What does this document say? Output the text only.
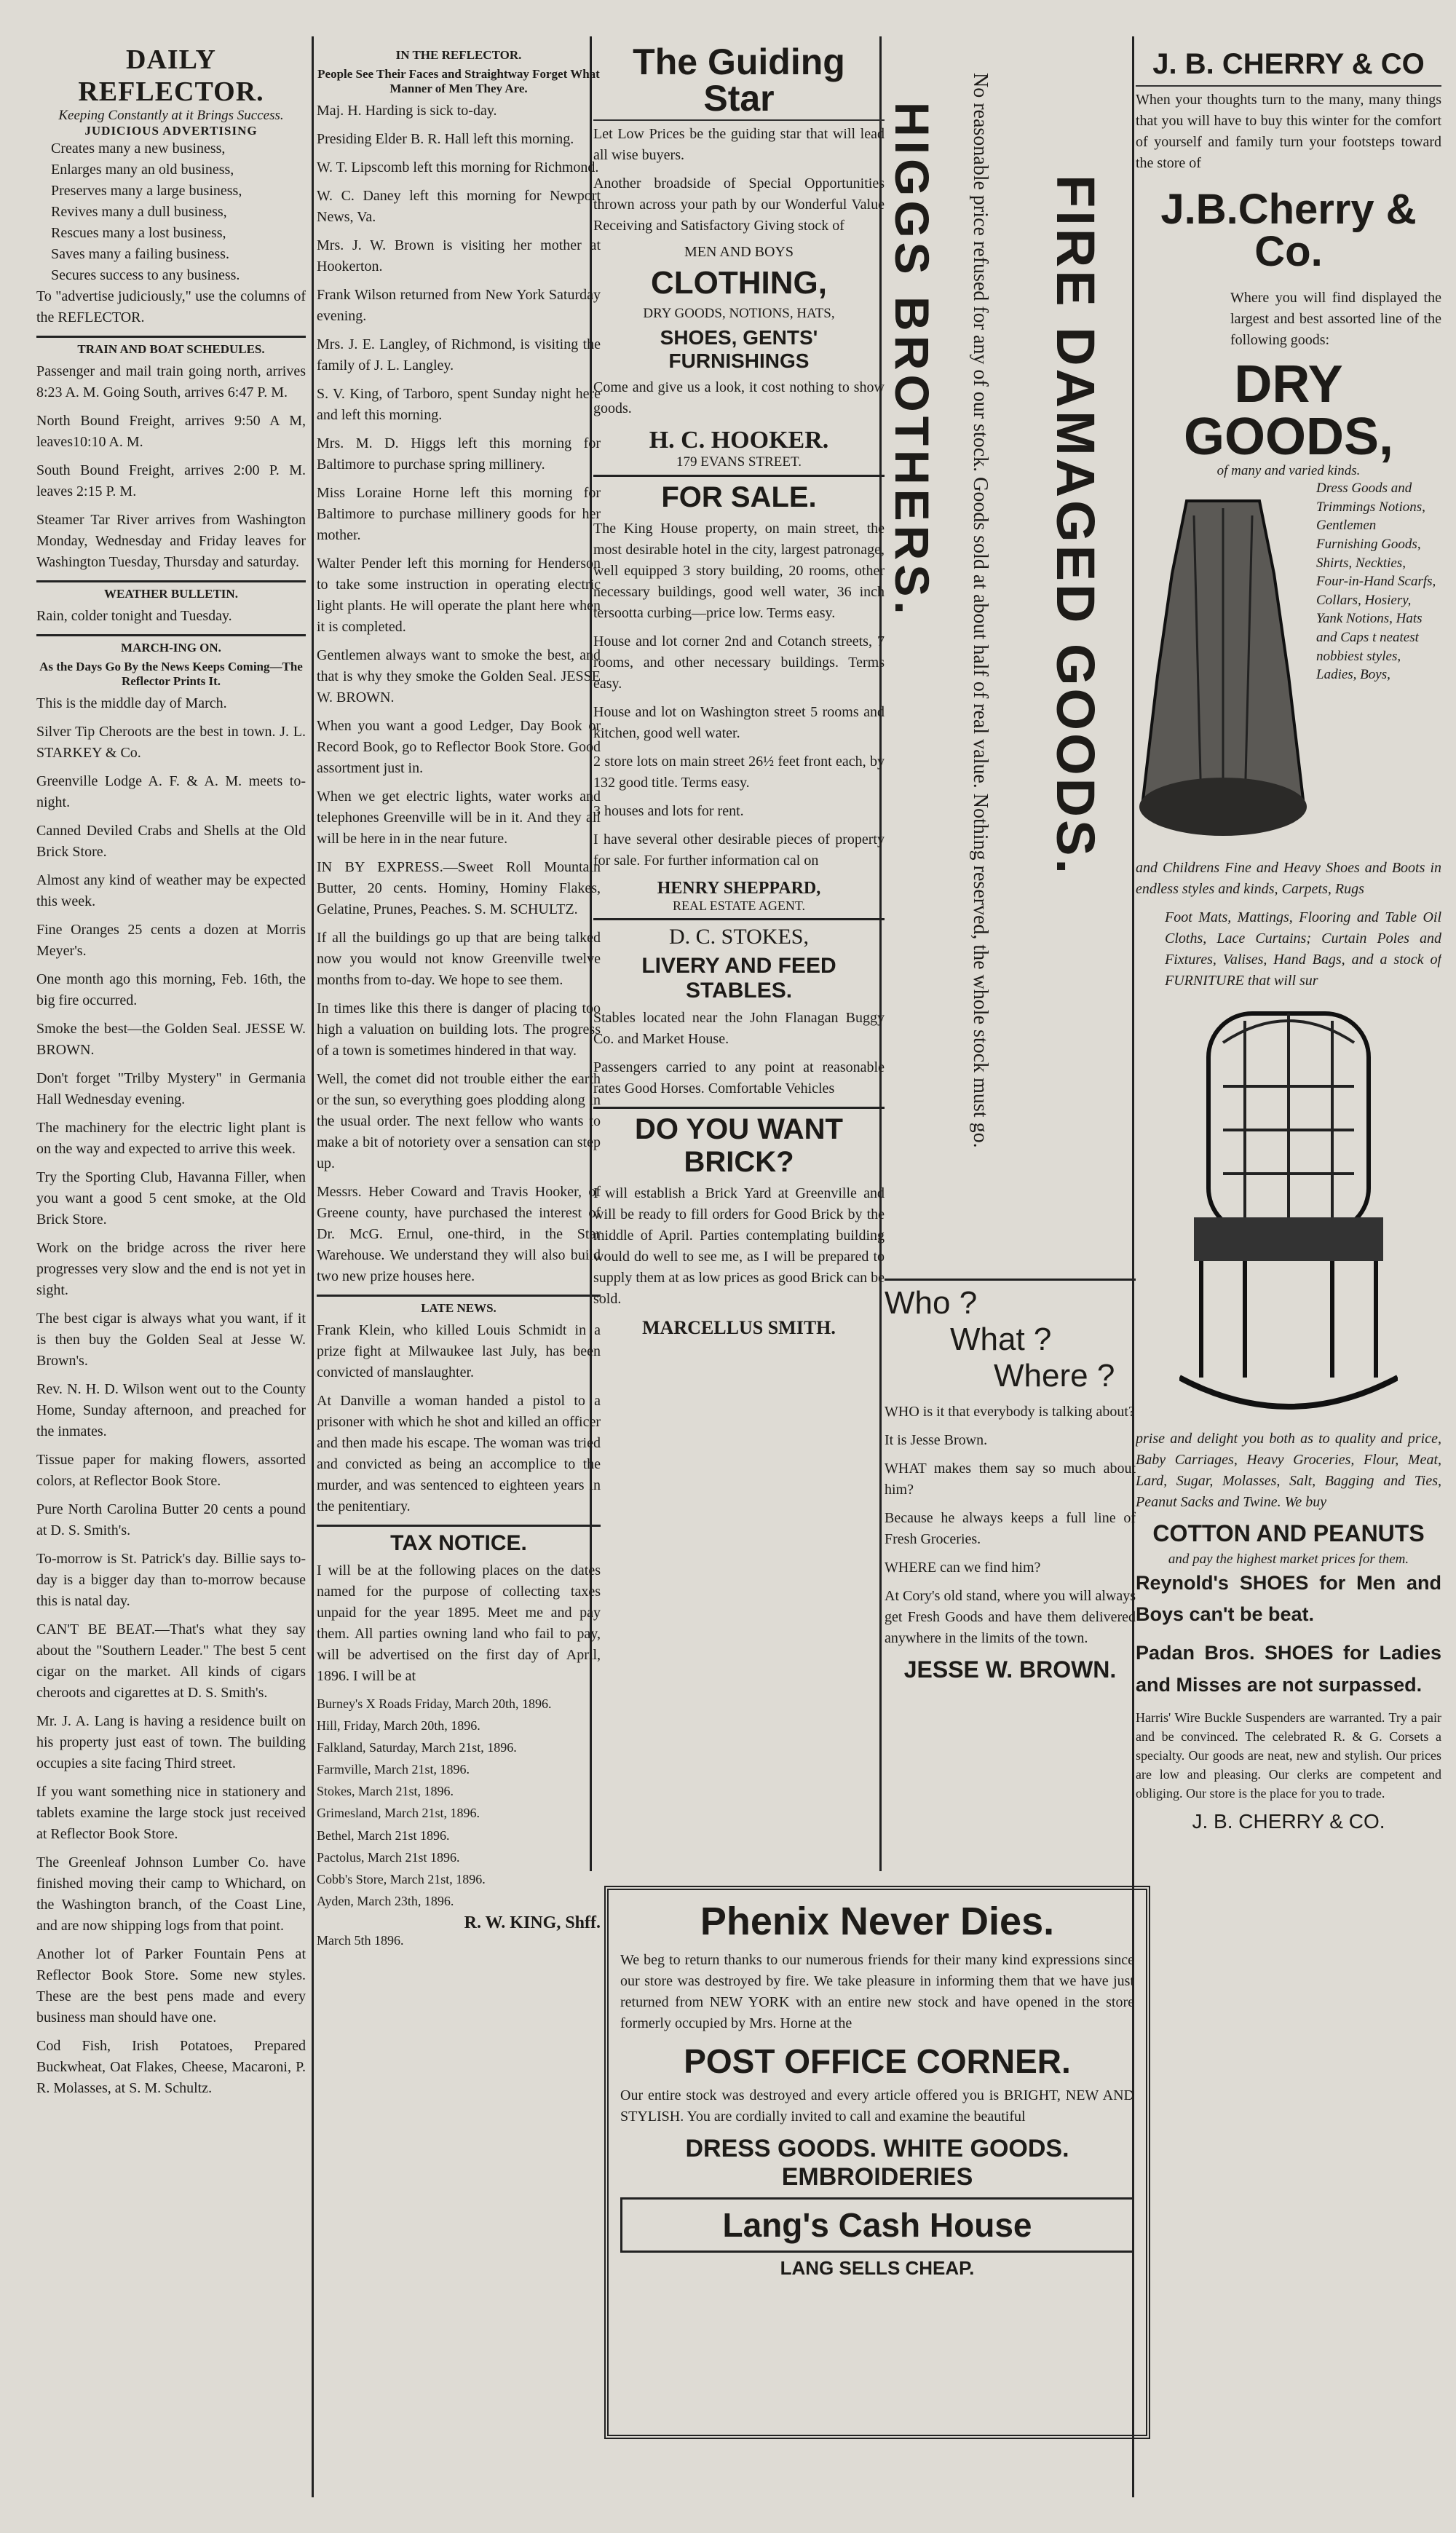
DAILY REFLECTOR.
Keeping Constantly at it Brings Success.
JUDICIOUS ADVERTISING

Creates many a new business,

Enlarges many an old business,

Preserves many a large business,

Revives many a dull business,

Rescues many a lost business,

Saves many a failing business.

Secures success to any business.

To "advertise judiciously," use the columns of the REFLECTOR.

TRAIN AND BOAT SCHEDULES.

Passenger and mail train going north, arrives 8:23 A. M. Going South, arrives 6:47 P. M.

North Bound Freight, arrives 9:50 A M, leaves10:10 A. M.

South Bound Freight, arrives 2:00 P. M. leaves 2:15 P. M.

Steamer Tar River arrives from Washington Monday, Wednesday and Friday leaves for Washington Tuesday, Thursday and saturday.

WEATHER BULLETIN.

Rain, colder tonight and Tuesday.

MARCH-ING ON.
As the Days Go By the News Keeps Coming—The Reflector Prints It.

This is the middle day of March.

Silver Tip Cheroots are the best in town. J. L. STARKEY & Co.

Greenville Lodge A. F. & A. M. meets to-night.

Canned Deviled Crabs and Shells at the Old Brick Store.

Almost any kind of weather may be expected this week.

Fine Oranges 25 cents a dozen at Morris Meyer's.

One month ago this morning, Feb. 16th, the big fire occurred.

Smoke the best—the Golden Seal. JESSE W. BROWN.

Don't forget "Trilby Mystery" in Germania Hall Wednesday evening.

The machinery for the electric light plant is on the way and expected to arrive this week.

Try the Sporting Club, Havanna Filler, when you want a good 5 cent smoke, at the Old Brick Store.

Work on the bridge across the river here progresses very slow and the end is not yet in sight.

The best cigar is always what you want, if it is then buy the Golden Seal at Jesse W. Brown's.

Rev. N. H. D. Wilson went out to the County Home, Sunday afternoon, and preached for the inmates.

Tissue paper for making flowers, assorted colors, at Reflector Book Store.

Pure North Carolina Butter 20 cents a pound at D. S. Smith's.

To-morrow is St. Patrick's day. Billie says to-day is a bigger day than to-morrow because this is natal day.

CAN'T BE BEAT.—That's what they say about the "Southern Leader." The best 5 cent cigar on the market. All kinds of cigars cheroots and cigarettes at D. S. Smith's.

Mr. J. A. Lang is having a residence built on his property just east of town. The building occupies a site facing Third street.

If you want something nice in stationery and tablets examine the large stock just received at Reflector Book Store.

The Greenleaf Johnson Lumber Co. have finished moving their camp to Whichard, on the Washington branch, of the Coast Line, and are now shipping logs from that point.

Another lot of Parker Fountain Pens at Reflector Book Store. Some new styles. These are the best pens made and every business man should have one.

Cod Fish, Irish Potatoes, Prepared Buckwheat, Oat Flakes, Cheese, Macaroni, P. R. Molasses, at S. M. Schultz.

IN THE REFLECTOR.
People See Their Faces and Straightway Forget What Manner of Men They Are.

Maj. H. Harding is sick to-day.

Presiding Elder B. R. Hall left this morning.

W. T. Lipscomb left this morning for Richmond.

W. C. Daney left this morning for Newport News, Va.

Mrs. J. W. Brown is visiting her mother at Hookerton.

Frank Wilson returned from New York Saturday evening.

Mrs. J. E. Langley, of Richmond, is visiting the family of J. L. Langley.

S. V. King, of Tarboro, spent Sunday night here and left this morning.

Mrs. M. D. Higgs left this morning for Baltimore to purchase spring millinery.

Miss Loraine Horne left this morning for Baltimore to purchase millinery goods for her mother.

Walter Pender left this morning for Henderson to take some instruction in operating electric light plants. He will operate the plant here when it is completed.

Gentlemen always want to smoke the best, and that is why they smoke the Golden Seal. JESSE W. BROWN.

When you want a good Ledger, Day Book or Record Book, go to Reflector Book Store. Good assortment just in.

When we get electric lights, water works and telephones Greenville will be in it. And they all will be here in in the near future.

IN BY EXPRESS.—Sweet Roll Mountain Butter, 20 cents. Hominy, Hominy Flakes, Gelatine, Prunes, Peaches. S. M. SCHULTZ.

If all the buildings go up that are being talked now you would not know Greenville twelve months from to-day. We hope to see them.

In times like this there is danger of placing too high a valuation on building lots. The progress of a town is sometimes hindered in that way.

Well, the comet did not trouble either the earth or the sun, so everything goes plodding along in the usual order. The next fellow who wants to make a bit of notoriety over a sensation can step up.

Messrs. Heber Coward and Travis Hooker, of Greene county, have purchased the interest of Dr. McG. Ernul, one-third, in the Star Warehouse. We understand they will also build two new prize houses here.

LATE NEWS.

Frank Klein, who killed Louis Schmidt in a prize fight at Milwaukee last July, has been convicted of manslaughter.

At Danville a woman handed a pistol to a prisoner with which he shot and killed an officer and then made his escape. The woman was tried and convicted as being an accomplice to the murder, and was sentenced to eighteen years in the penitentiary.

TAX NOTICE.

I will be at the following places on the dates named for the purpose of collecting taxes unpaid for the year 1895. Meet me and pay them. All parties owning land who fail to pay, will be advertised on the first day of April, 1896. I will be at

Burney's X Roads Friday, March 20th, 1896.

Hill, Friday, March 20th, 1896.

Falkland, Saturday, March 21st, 1896.

Farmville, March 21st, 1896.

Stokes, March 21st, 1896.

Grimesland, March 21st, 1896.

Bethel, March 21st 1896.

Pactolus, March 21st 1896.

Cobb's Store, March 21st, 1896.

Ayden, March 23th, 1896.

R. W. KING, Shff.
March 5th 1896.
The Guiding Star

Let Low Prices be the guiding star that will lead all wise buyers.

Another broadside of Special Opportunities thrown across your path by our Wonderful Value Receiving and Satisfactory Giving stock of

MEN AND BOYS
CLOTHING,
DRY GOODS, NOTIONS, HATS,
SHOES, GENTS' FURNISHINGS

Come and give us a look, it cost nothing to show goods.

H. C. HOOKER.
179 EVANS STREET.
FOR SALE.

The King House property, on main street, the most desirable hotel in the city, largest patronage, well equipped 3 story building, 20 rooms, other necessary buildings, good well water, 36 inch tersootta curbing—price low. Terms easy.

House and lot corner 2nd and Cotanch streets, 7 rooms, and other necessary buildings. Terms easy.

House and lot on Washington street 5 rooms and kitchen, good well water.

2 store lots on main street 26½ feet front each, by 132 good title. Terms easy.

3 houses and lots for rent.

I have several other desirable pieces of property for sale. For further information cal on

HENRY SHEPPARD,
REAL ESTATE AGENT.
D. C. STOKES,
LIVERY AND FEED STABLES.

Stables located near the John Flanagan Buggy Co. and Market House.

Passengers carried to any point at reasonable rates Good Horses. Comfortable Vehicles

DO YOU WANT BRICK?

I will establish a Brick Yard at Greenville and will be ready to fill orders for Good Brick by the middle of April. Parties contemplating building would do well to see me, as I will be prepared to supply them at as low prices as good Brick can be sold.

MARCELLUS SMITH.
HIGGS BROTHERS. No reasonable price refused for any of our stock. Goods sold at about half of real value. Nothing reserved, the whole stock must go. FIRE DAMAGED GOODS.
Who ?
What ?
Where ?

WHO is it that everybody is talking about?

It is Jesse Brown.

WHAT makes them say so much about him?

Because he always keeps a full line of Fresh Groceries.

WHERE can we find him?

At Cory's old stand, where you will always get Fresh Goods and have them delivered anywhere in the limits of the town.

JESSE W. BROWN.
J. B. CHERRY & CO

When your thoughts turn to the many, many things that you will have to buy this winter for the comfort of yourself and family turn your footsteps toward the store of

J.B.Cherry & Co.

Where you will find displayed the largest and best assorted line of the following goods:

DRY GOODS,
of many and varied kinds.
Dress Goods and Trimmings Notions, Gentlemen Furnishing Goods, Shirts, Neckties, Four-in-Hand Scarfs, Collars, Hosiery, Yank Notions, Hats and Caps t neatest nobbiest styles, Ladies, Boys,

and Childrens Fine and Heavy Shoes and Boots in endless styles and kinds, Carpets, Rugs

Foot Mats, Mattings, Flooring and Table Oil Cloths, Lace Curtains; Curtain Poles and Fixtures, Valises, Hand Bags, and a stock of FURNITURE that will sur

prise and delight you both as to quality and price, Baby Carriages, Heavy Groceries, Flour, Meat, Lard, Sugar, Molasses, Salt, Bagging and Ties, Peanut Sacks and Twine. We buy

COTTON AND PEANUTS
and pay the highest market prices for them.

Reynold's SHOES for Men and Boys can't be beat.

Padan Bros. SHOES for Ladies and Misses are not surpassed.

Harris' Wire Buckle Suspenders are warranted. Try a pair and be convinced. The celebrated R. & G. Corsets a specialty. Our goods are neat, new and stylish. Our prices are low and pleasing. Our clerks are competent and obliging. Our store is the place for you to trade.

J. B. CHERRY & CO.
Phenix Never Dies.

We beg to return thanks to our numerous friends for their many kind expressions since our store was destroyed by fire. We take pleasure in informing them that we have just returned from NEW YORK with an entire new stock and have opened in the store formerly occupied by Mrs. Horne at the

POST OFFICE CORNER.

Our entire stock was destroyed and every article offered you is BRIGHT, NEW AND STYLISH. You are cordially invited to call and examine the beautiful

DRESS GOODS. WHITE GOODS. EMBROIDERIES
Lang's Cash House
LANG SELLS CHEAP.
